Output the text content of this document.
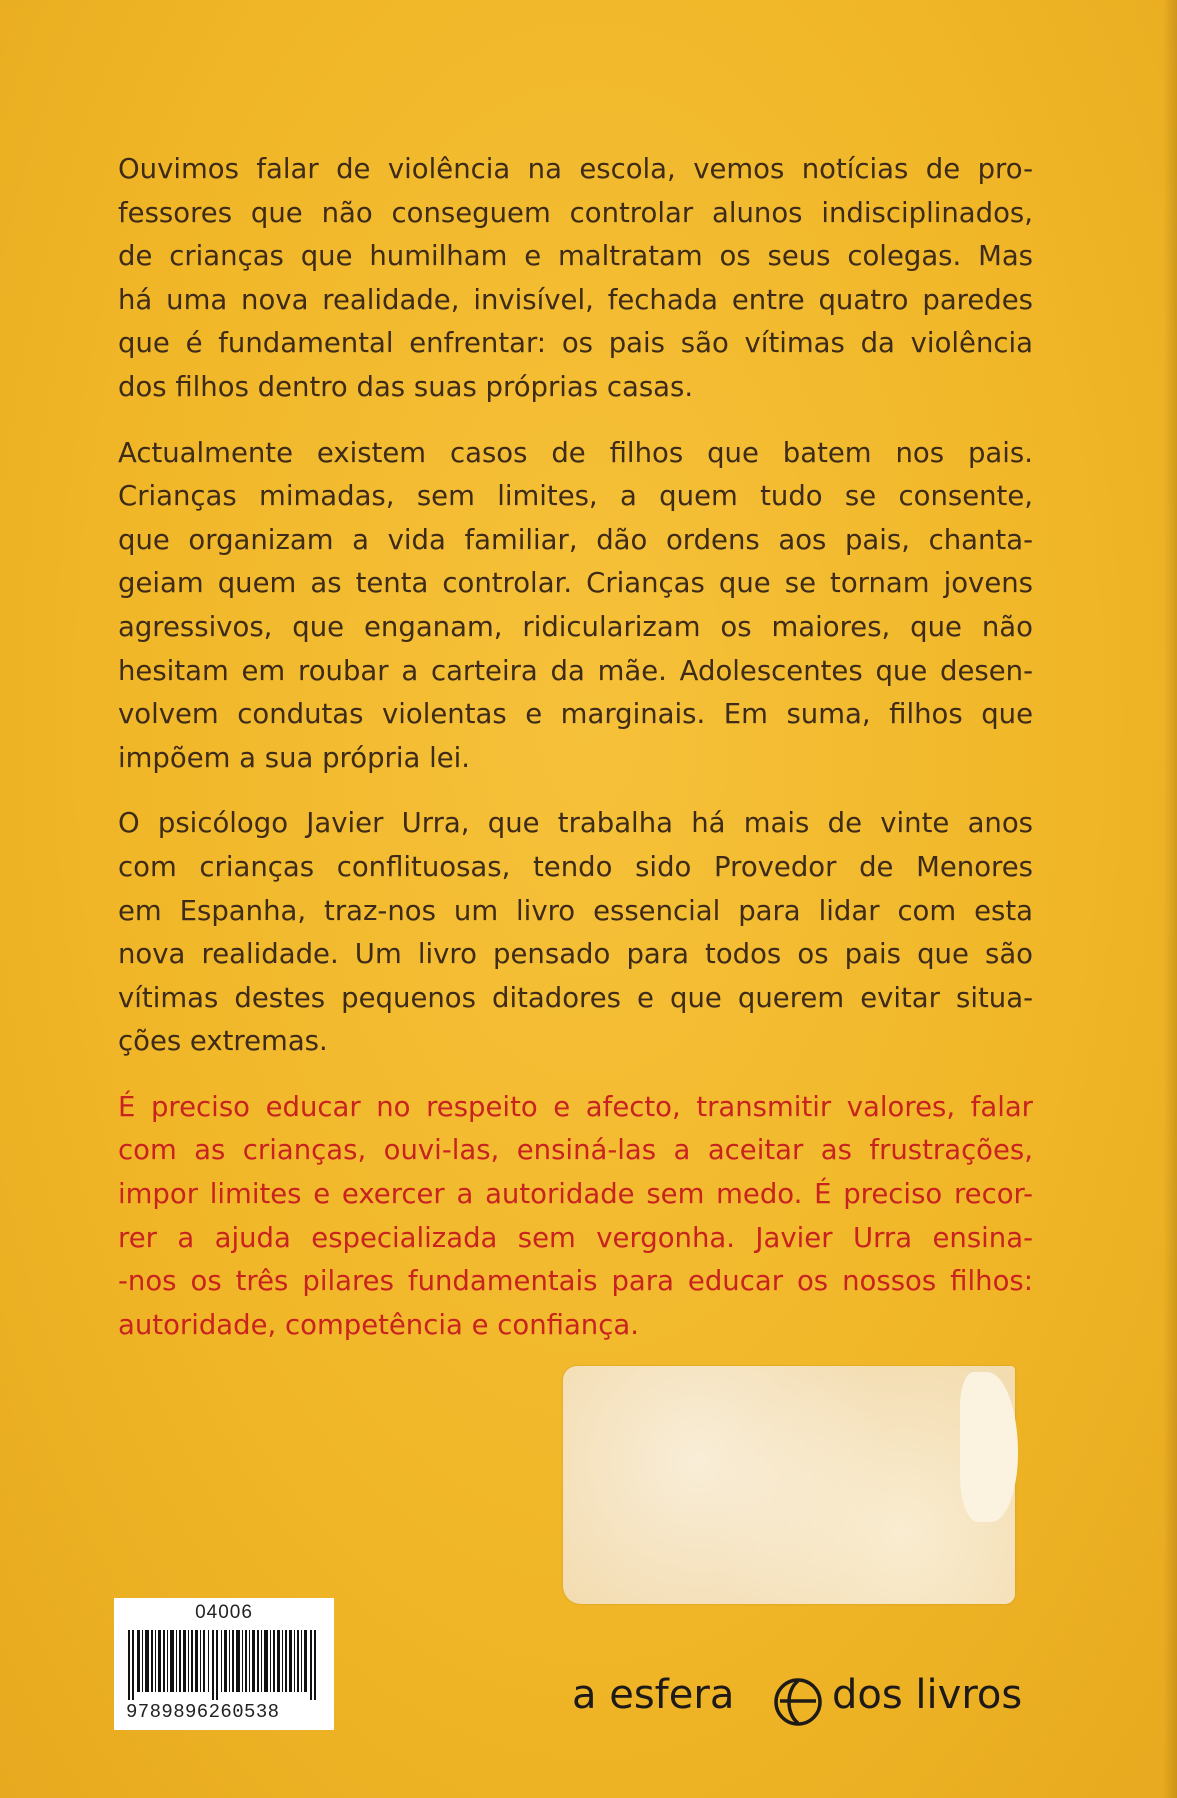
Ouvimos falar de violência na escola, vemos notícias de pro-
fessores que não conseguem controlar alunos indisciplinados,
de crianças que humilham e maltratam os seus colegas. Mas
há uma nova realidade, invisível, fechada entre quatro paredes
que é fundamental enfrentar: os pais são vítimas da violência
dos filhos dentro das suas próprias casas.
Actualmente existem casos de filhos que batem nos pais.
Crianças mimadas, sem limites, a quem tudo se consente,
que organizam a vida familiar, dão ordens aos pais, chanta-
geiam quem as tenta controlar. Crianças que se tornam jovens
agressivos, que enganam, ridicularizam os maiores, que não
hesitam em roubar a carteira da mãe. Adolescentes que desen-
volvem condutas violentas e marginais. Em suma, filhos que
impõem a sua própria lei.
O psicólogo Javier Urra, que trabalha há mais de vinte anos
com crianças conflituosas, tendo sido Provedor de Menores
em Espanha, traz-nos um livro essencial para lidar com esta
nova realidade. Um livro pensado para todos os pais que são
vítimas destes pequenos ditadores e que querem evitar situa-
ções extremas.
É preciso educar no respeito e afecto, transmitir valores, falar
com as crianças, ouvi-las, ensiná-las a aceitar as frustrações,
impor limites e exercer a autoridade sem medo. É preciso recor-
rer a ajuda especializada sem vergonha. Javier Urra ensina-
-nos os três pilares fundamentais para educar os nossos filhos:
autoridade, competência e confiança.
04006
9789896260538	a esfera dos livros
